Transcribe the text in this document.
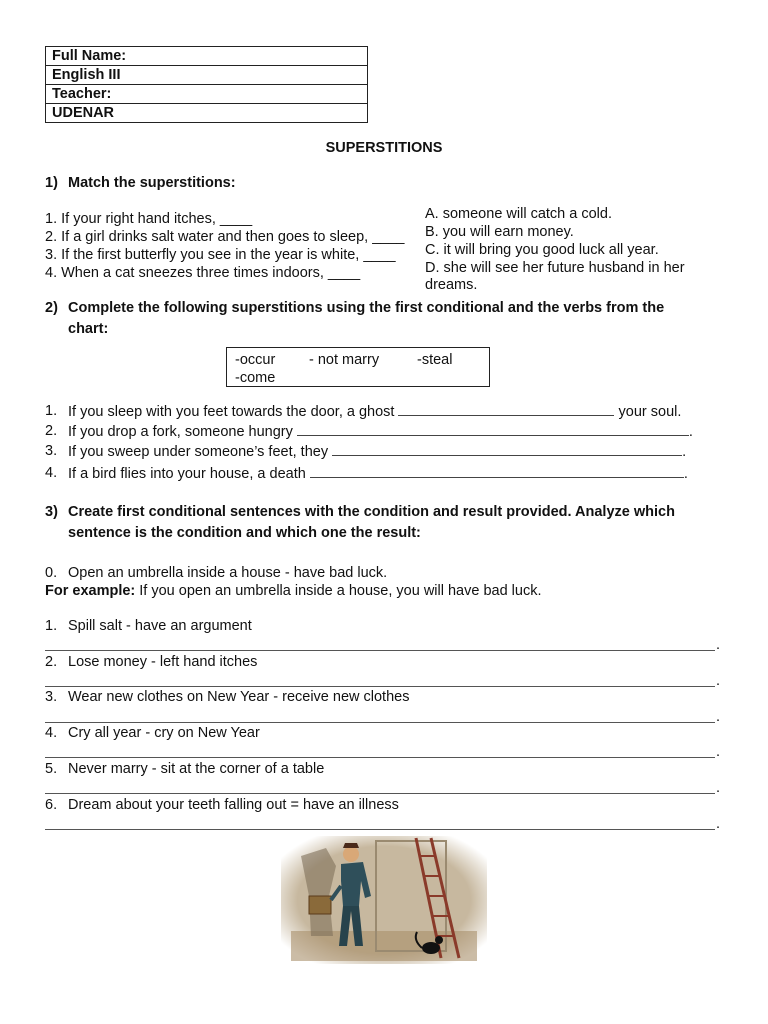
Full Name:
English III
Teacher:
UDENAR
SUPERSTITIONS
1) Match the superstitions:
1. If your right hand itches, ____
2. If a girl drinks salt water and then goes to sleep, ____
3. If the first butterfly you see in the year is white, ____
4. When a cat sneezes three times indoors, ____
A. someone will catch a cold.
B. you will earn money.
C. it will bring you good luck all year.
D. she will see her future husband in her
dreams.
2) Complete the following superstitions using the first conditional and the verbs from the
chart:
-occur - not marry	-steal
-come
1. If you sleep with you feet towards the door, a ghost	your soul.
2. If you drop a fork, someone hungry	.
3. If you sweep under someone’s feet, they	.
4. If a bird flies into your house, a death	.
3) Create first conditional sentences with the condition and result provided. Analyze which
sentence is the condition and which one the result:
0. Open an umbrella inside a house - have bad luck.
For example: If you open an umbrella inside a house, you will have bad luck.
1. Spill salt - have an argument
.
2. Lose money - left hand itches
.
3. Wear new clothes on New Year - receive new clothes
.
4. Cry all year - cry on New Year
.
5. Never marry - sit at the corner of a table
.
6. Dream about your teeth falling out = have an illness
.
